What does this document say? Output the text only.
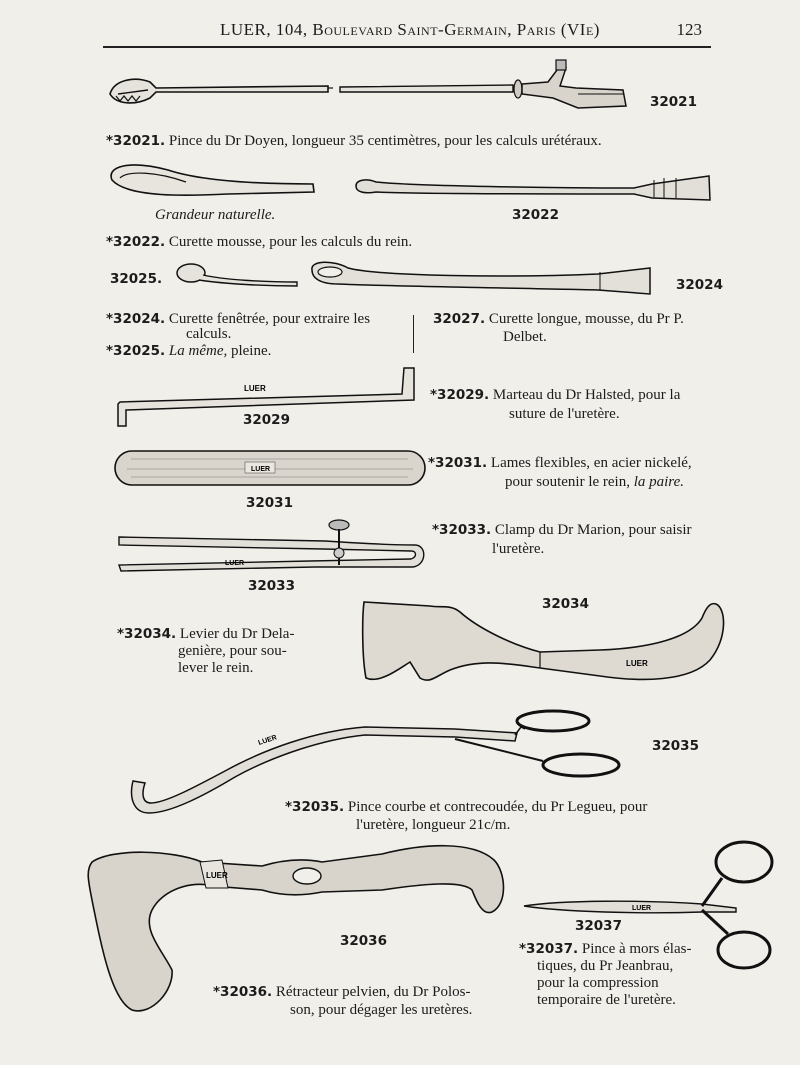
LUER, 104, Boulevard Saint-Germain, Paris (VIe)	123
32021
*32021. Pince du Dr Doyen, longueur 35 centimètres, pour les calculs urétéraux.
Grandeur naturelle.	32022
*32022. Curette mousse, pour les calculs du rein.
32025.	32024
*32024. Curette fenêtrée, pour extraire les
calculs.
*32025. La même, pleine.
32027. Curette longue, mousse, du Pr P.
Delbet.
LUER
32029
*32029. Marteau du Dr Halsted, pour la
suture de l'uretère.
LUER
32031
*32031. Lames flexibles, en acier nickelé,
pour soutenir le rein, la paire.
LUER
32033
*32033. Clamp du Dr Marion, pour saisir
l'uretère.
LUER
32034
*32034. Levier du Dr Dela-
genière, pour sou-
lever le rein.
LUER	32035
*32035. Pince courbe et contrecoudée, du Pr Legueu, pour
l'uretère, longueur 21c/m.
LUER
32036
*32036. Rétracteur pelvien, du Dr Polos-
son, pour dégager les uretères.
LUER
32037
*32037. Pince à mors élas-
tiques, du Pr Jeanbrau,
pour la compression
temporaire de l'uretère.
